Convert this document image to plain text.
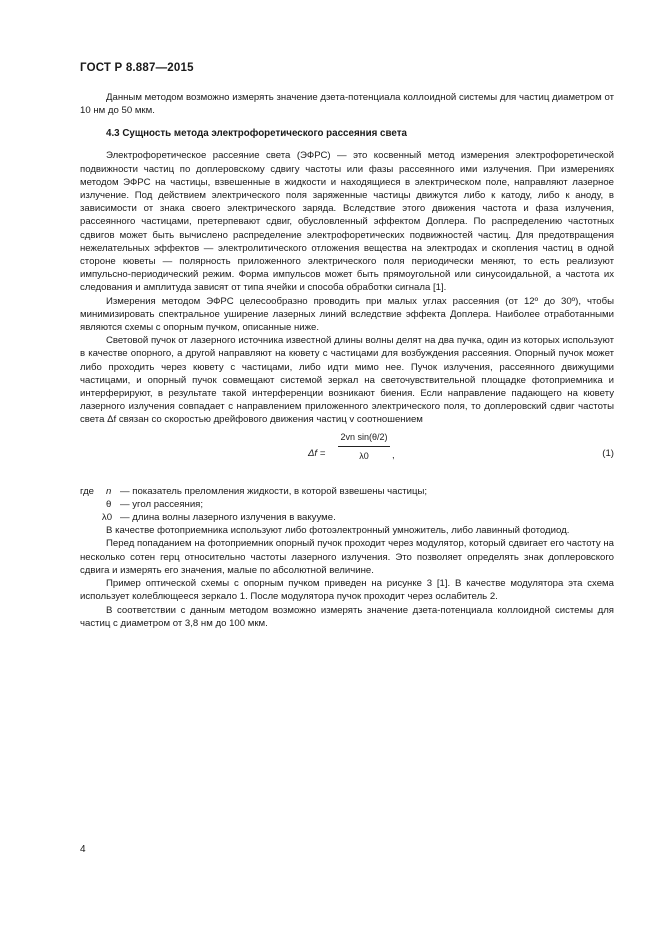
ГОСТ Р 8.887—2015

Данным методом возможно измерять значение дзета-потенциала коллоидной системы для частиц диаметром от 10 нм до 50 мкм.

4.3 Сущность метода электрофоретического рассеяния света

Электрофоретическое рассеяние света (ЭФРС) — это косвенный метод измерения электрофоретической подвижности частиц по доплеровскому сдвигу частоты или фазы рассеянного ими излучения. При измерениях методом ЭФРС на частицы, взвешенные в жидкости и находящиеся в электрическом поле, направляют лазерное излучение. Под действием электрического поля заряженные частицы движутся либо к катоду, либо к аноду, в зависимости от знака своего электрического заряда. Вследствие этого движения частота и фаза излучения, рассеянного частицами, претерпевают сдвиг, обусловленный эффектом Доплера. По распределению частотных сдвигов может быть вычислено распределение электрофоретических подвижностей частиц. Для предотвращения нежелательных эффектов — электролитического отложения вещества на электродах и скопления частиц в одной стороне кюветы — полярность приложенного электрического поля периодически меняют, то есть реализуют импульсно-периодический режим. Форма импульсов может быть прямоугольной или синусоидальной, а частота их следования и амплитуда зависят от типа ячейки и способа обработки сигнала [1].

Измерения методом ЭФРС целесообразно проводить при малых углах рассеяния (от 12º до 30º), чтобы минимизировать спектральное уширение лазерных линий вследствие эффекта Доплера. Наиболее отработанными являются схемы с опорным пучком, описанные ниже.

Световой пучок от лазерного источника известной длины волны делят на два пучка, один из которых используют в качестве опорного, а другой направляют на кювету с частицами для возбуждения рассеяния. Опорный пучок может либо проходить через кювету с частицами, либо идти мимо нее. Пучок излучения, рассеянного движущими частицами, и опорный пучок совмещают системой зеркал на светочувствительной площадке фотоприемника и интерферируют, в результате такой интерференции возникают биения. Если направление падающего на кювету лазерного излучения совпадает с направлением приложенного электрического поля, то доплеровский сдвиг частоты света Δf связан со скоростью дрейфового движения частиц v соотношением

Δf =
2vn sin(θ/2)
λ0	,	(1)
где	n — показатель преломления жидкости, в которой взвешены частицы;
θ — угол рассеяния;
λ0 — длина волны лазерного излучения в вакууме.

В качестве фотоприемника используют либо фотоэлектронный умножитель, либо лавинный фотодиод.

Перед попаданием на фотоприемник опорный пучок проходит через модулятор, который сдвигает его частоту на несколько сотен герц относительно частоты лазерного излучения. Это позволяет определять знак доплеровского сдвига и измерять его значения, малые по абсолютной величине.

Пример оптической схемы с опорным пучком приведен на рисунке 3 [1]. В качестве модулятора эта схема использует колеблющееся зеркало 1. После модулятора пучок проходит через ослабитель 2.

В соответствии с данным методом возможно измерять значение дзета-потенциала коллоидной системы для частиц с диаметром от 3,8 нм до 100 мкм.

4
